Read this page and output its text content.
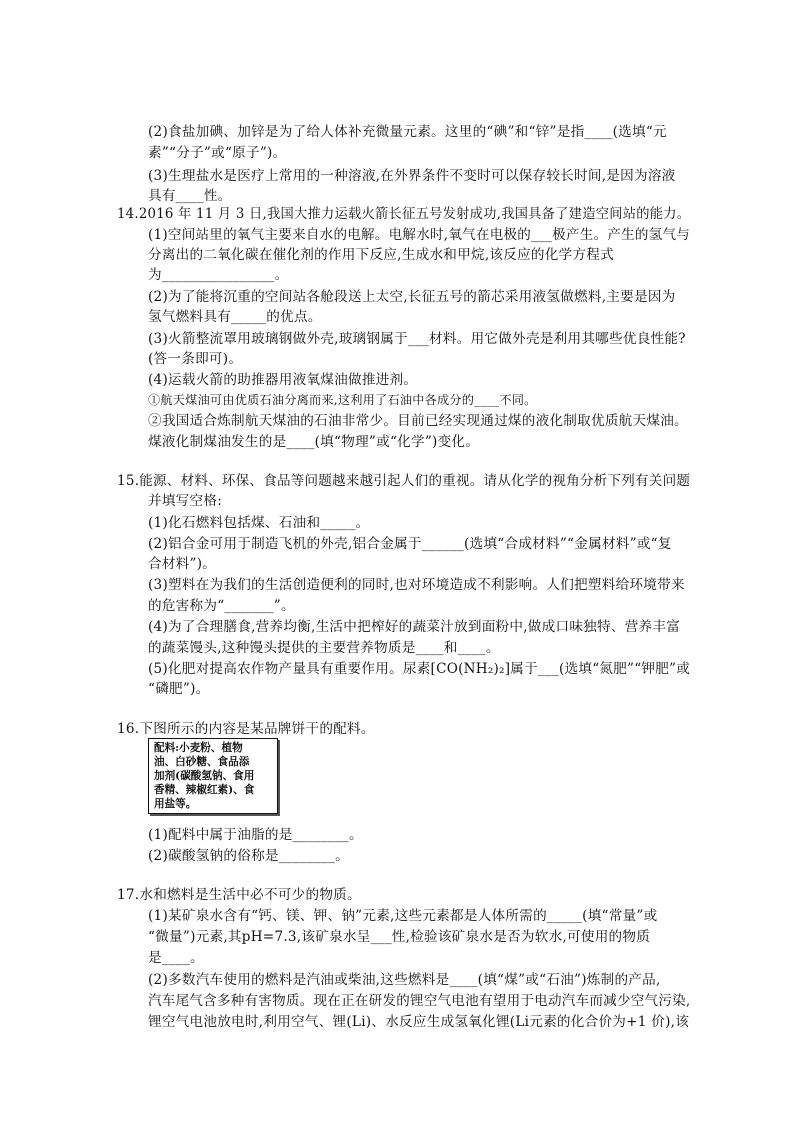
(2)食盐加碘、加锌是为了给人体补充微量元素。这里的“碘”和“锌”是指____(选填“元
素”“分子”或“原子”)。
(3)生理盐水是医疗上常用的一种溶液,在外界条件不变时可以保存较长时间,是因为溶液
具有____性。
14.2016 年 11 月 3 日,我国大推力运载火箭长征五号发射成功,我国具备了建造空间站的能力。
(1)空间站里的氧气主要来自水的电解。电解水时,氧气在电极的___极产生。产生的氢气与
分离出的二氧化碳在催化剂的作用下反应,生成水和甲烷,该反应的化学方程式
为________________。
(2)为了能将沉重的空间站各舱段送上太空,长征五号的箭芯采用液氢做燃料,主要是因为
氢气燃料具有_____的优点。
(3)火箭整流罩用玻璃钢做外壳,玻璃钢属于___材料。用它做外壳是利用其哪些优良性能?
(答一条即可)。
(4)运载火箭的助推器用液氧煤油做推进剂。
①航天煤油可由优质石油分离而来,这利用了石油中各成分的____不同。
②我国适合炼制航天煤油的石油非常少。目前已经实现通过煤的液化制取优质航天煤油。
煤液化制煤油发生的是____(填“物理”或“化学”)变化。
15.能源、材料、环保、食品等问题越来越引起人们的重视。请从化学的视角分析下列有关问题
并填写空格:
(1)化石燃料包括煤、石油和_____。
(2)铝合金可用于制造飞机的外壳,铝合金属于______(选填“合成材料”“金属材料”或“复
合材料”)。
(3)塑料在为我们的生活创造便利的同时,也对环境造成不利影响。人们把塑料给环境带来
的危害称为“_______”。
(4)为了合理膳食,营养均衡,生活中把榨好的蔬菜汁放到面粉中,做成口味独特、营养丰富
的蔬菜馒头,这种馒头提供的主要营养物质是____和____。
(5)化肥对提高农作物产量具有重要作用。尿素[CO(NH₂)₂]属于___(选填“氮肥”“钾肥”或
“磷肥”)。
16.下图所示的内容是某品牌饼干的配料。
配料:小麦粉、植物
油、白砂糖、食品添
加剂(碳酸氢钠、食用
香精、辣椒红素)、食
用盐等。
(1)配料中属于油脂的是________。
(2)碳酸氢钠的俗称是________。
17.水和燃料是生活中必不可少的物质。
(1)某矿泉水含有“钙、镁、钾、钠”元素,这些元素都是人体所需的_____(填“常量”或
“微量”)元素,其pH=7.3,该矿泉水呈___性,检验该矿泉水是否为软水,可使用的物质
是____。
(2)多数汽车使用的燃料是汽油或柴油,这些燃料是____(填“煤”或“石油”)炼制的产品,
汽车尾气含多种有害物质。现在正在研发的锂空气电池有望用于电动汽车而减少空气污染,
锂空气电池放电时,利用空气、锂(Li)、水反应生成氢氧化锂(Li元素的化合价为+1 价),该
